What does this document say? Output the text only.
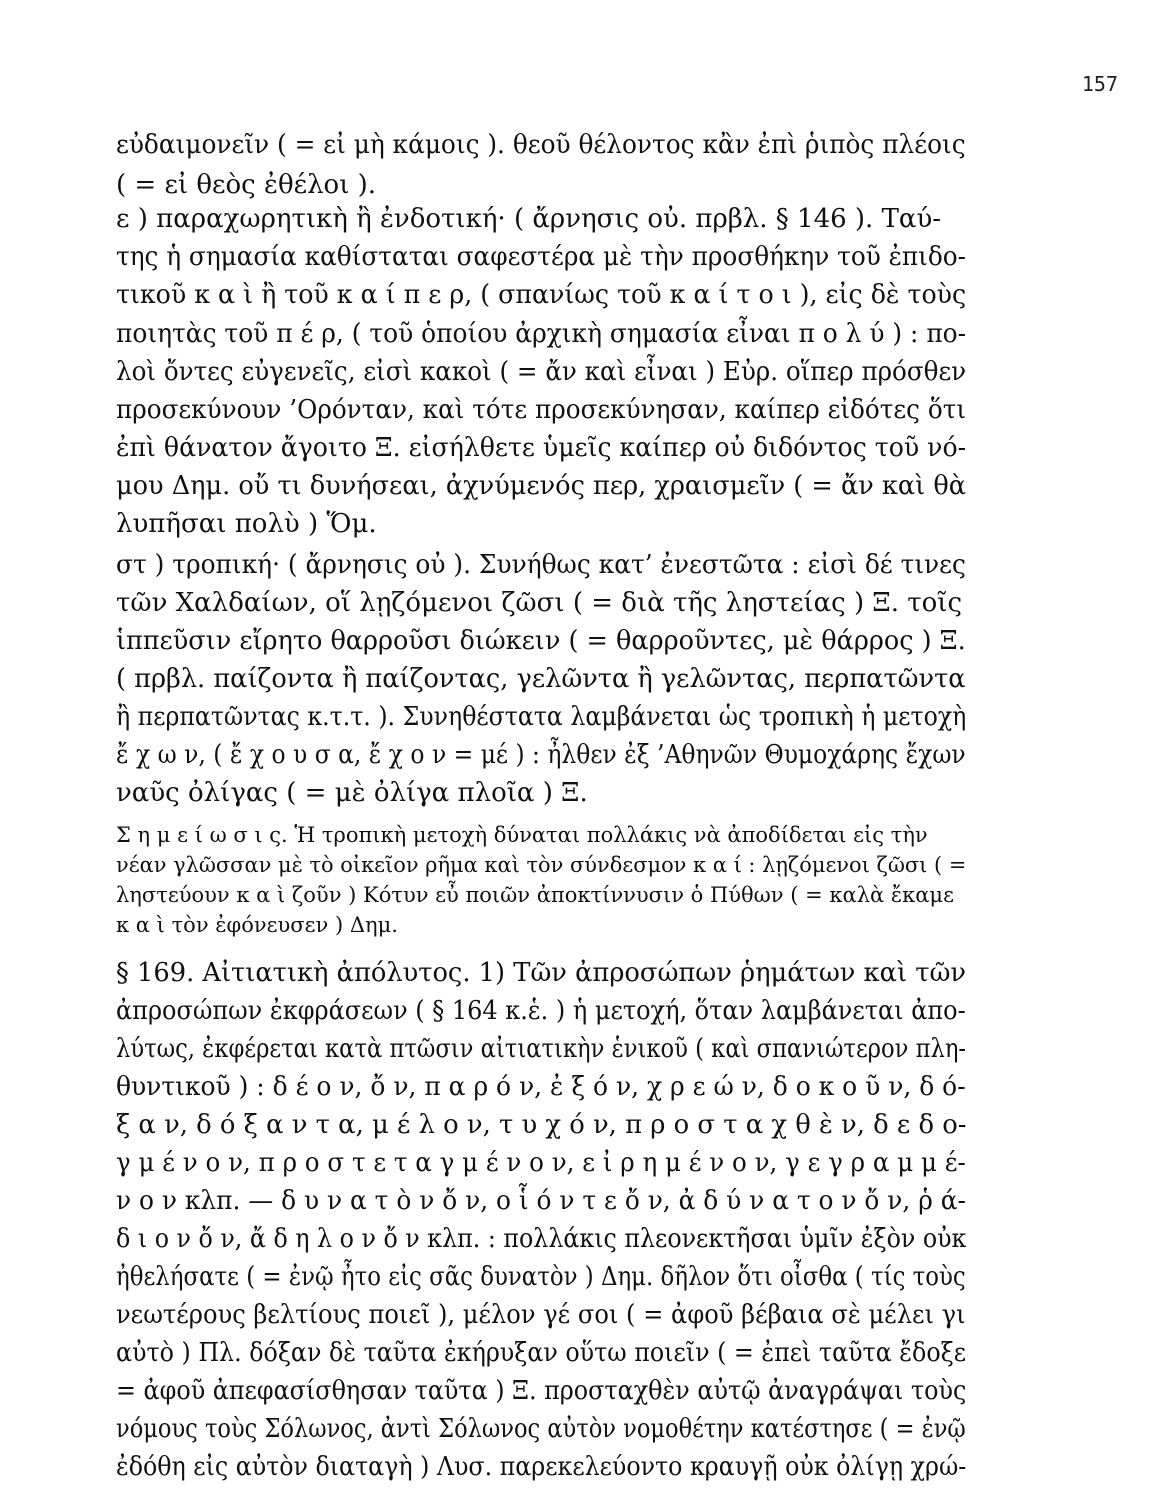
157
εὐδαιμονεῖν ( = εἰ μὴ κάμοις ). θεοῦ θέλοντος κἂν ἐπὶ ῥιπὸς πλέοις
( = εἰ θεὸς ἐθέλοι ).
ε ) παραχωρητικὴ ἢ ἐνδοτική· ( ἄρνησις οὐ. πρβλ. § 146 ). Ταύ-
της ἡ σημασία καθίσταται σαφεστέρα μὲ τὴν προσθήκην τοῦ ἐπιδο-
τικοῦ κ α ὶ ἢ τοῦ κ α ί π ε ρ, ( σπανίως τοῦ κ α ί τ ο ι ), εἰς δὲ τοὺς
ποιητὰς τοῦ π έ ρ, ( τοῦ ὁποίου ἀρχικὴ σημασία εἶναι π ο λ ύ ) : πο-
λοὶ ὄντες εὐγενεῖς, εἰσὶ κακοὶ ( = ἄν καὶ εἶναι ) Εὐρ. οἵπερ πρόσθεν
προσεκύνουν ’Ορόνταν, καὶ τότε προσεκύνησαν, καίπερ εἰδότες ὅτι
ἐπὶ θάνατον ἄγοιτο Ξ. εἰσήλθετε ὑμεῖς καίπερ οὐ διδόντος τοῦ νό-
μου Δημ. οὔ τι δυνήσεαι, ἀχνύμενός περ, χραισμεῖν ( = ἄν καὶ θὰ
λυπῆσαι πολὺ ) Ὅμ.
στ ) τροπική· ( ἄρνησις οὐ ). Συνήθως κατ’ ἐνεστῶτα : εἰσὶ δέ τινες
τῶν Χαλδαίων, οἵ λῃζόμενοι ζῶσι ( = διὰ τῆς ληστείας ) Ξ. τοῖς
ἱππεῦσιν εἴρητο θαρροῦσι διώκειν ( = θαρροῦντες, μὲ θάρρος ) Ξ.
( πρβλ. παίζοντα ἢ παίζοντας, γελῶντα ἢ γελῶντας, περπατῶντα
ἢ περπατῶντας κ.τ.τ. ). Συνηθέστατα λαμβάνεται ὡς τροπικὴ ἡ μετοχὴ
ἔ χ ω ν, ( ἔ χ ο υ σ α, ἔ χ ο ν = μέ ) : ἦλθεν ἐξ ’Αθηνῶν Θυμοχάρης ἔχων
ναῦς ὀλίγας ( = μὲ ὀλίγα πλοῖα ) Ξ.
Σ η μ ε ί ω σ ι ς. Ἡ τροπικὴ μετοχὴ δύναται πολλάκις νὰ ἀποδίδεται εἰς τὴν
νέαν γλῶσσαν μὲ τὸ οἰκεῖον ρῆμα καὶ τὸν σύνδεσμον κ α ί : λῃζόμενοι ζῶσι ( =
ληστεύουν κ α ὶ ζοῦν ) Κότυν εὖ ποιῶν ἀποκτίννυσιν ὁ Πύθων ( = καλὰ ἔκαμε
κ α ὶ τὸν ἐφόνευσεν ) Δημ.
§ 169. Αἰτιατικὴ ἀπόλυτος. 1) Τῶν ἀπροσώπων ῥημάτων καὶ τῶν
ἀπροσώπων ἐκφράσεων ( § 164 κ.ἑ. ) ἡ μετοχή, ὅταν λαμβάνεται ἀπο-
λύτως, ἐκφέρεται κατὰ πτῶσιν αἰτιατικὴν ἑνικοῦ ( καὶ σπανιώτερον πλη-
θυντικοῦ ) : δ έ ο ν, ὄ ν, π α ρ ό ν, ἐ ξ ό ν, χ ρ ε ώ ν, δ ο κ ο ῦ ν, δ ό-
ξ α ν, δ ό ξ α ν τ α, μ έ λ ο ν, τ υ χ ό ν, π ρ ο σ τ α χ θ ὲ ν, δ ε δ ο-
γ μ έ ν ο ν, π ρ ο σ τ ε τ α γ μ έ ν ο ν, ε ἰ ρ η μ έ ν ο ν, γ ε γ ρ α μ μ έ-
ν ο ν κλπ. — δ υ ν α τ ὸ ν ὄ ν, ο ἷ ό ν τ ε ὄ ν, ἀ δ ύ ν α τ ο ν ὄ ν, ῥ ά-
δ ι ο ν ὄ ν, ἄ δ η λ ο ν ὄ ν κλπ. : πολλάκις πλεονεκτῆσαι ὑμῖν ἐξὸν οὐκ
ἠθελήσατε ( = ἐνῷ ἦτο εἰς σᾶς δυνατὸν ) Δημ. δῆλον ὅτι οἶσθα ( τίς τοὺς
νεωτέρους βελτίους ποιεῖ ), μέλον γέ σοι ( = ἀφοῦ βέβαια σὲ μέλει γι
αὐτὸ ) Πλ. δόξαν δὲ ταῦτα ἐκήρυξαν οὕτω ποιεῖν ( = ἐπεὶ ταῦτα ἔδοξε
= ἀφοῦ ἀπεφασίσθησαν ταῦτα ) Ξ. προσταχθὲν αὐτῷ ἀναγράψαι τοὺς
νόμους τοὺς Σόλωνος, ἀντὶ Σόλωνος αὐτὸν νομοθέτην κατέστησε ( = ἐνῷ
ἐδόθη εἰς αὐτὸν διαταγὴ ) Λυσ. παρεκελεύοντο κραυγῇ οὐκ ὀλίγῃ χρώ-
